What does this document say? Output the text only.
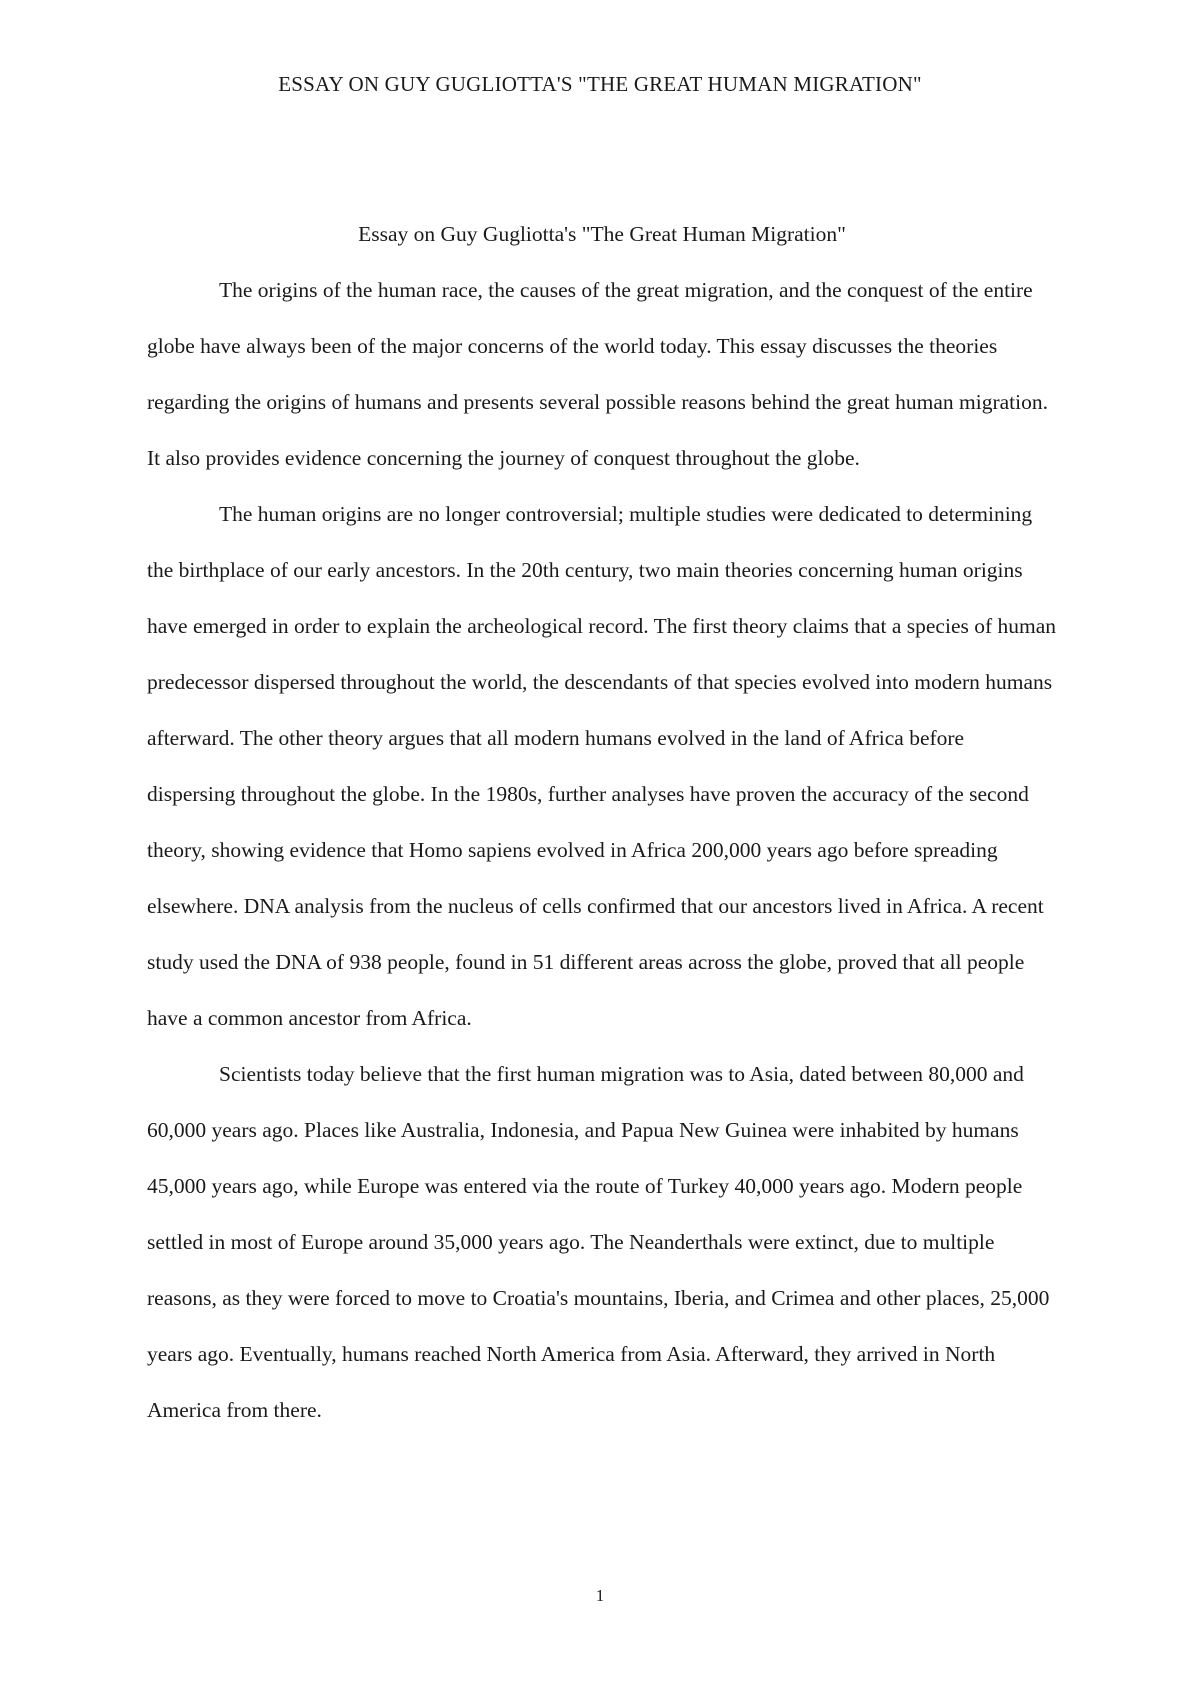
ESSAY ON GUY GUGLIOTTA'S "THE GREAT HUMAN MIGRATION"

Essay on Guy Gugliotta's "The Great Human Migration"

The origins of the human race, the causes of the great migration, and the conquest of the entire globe have always been of the major concerns of the world today. This essay discusses the theories regarding the origins of humans and presents several possible reasons behind the great human migration. It also provides evidence concerning the journey of conquest throughout the globe.

The human origins are no longer controversial; multiple studies were dedicated to determining the birthplace of our early ancestors. In the 20th century, two main theories concerning human origins have emerged in order to explain the archeological record. The first theory claims that a species of human predecessor dispersed throughout the world, the descendants of that species evolved into modern humans afterward. The other theory argues that all modern humans evolved in the land of Africa before dispersing throughout the globe. In the 1980s, further analyses have proven the accuracy of the second theory, showing evidence that Homo sapiens evolved in Africa 200,000 years ago before spreading elsewhere. DNA analysis from the nucleus of cells confirmed that our ancestors lived in Africa. A recent study used the DNA of 938 people, found in 51 different areas across the globe, proved that all people have a common ancestor from Africa.

Scientists today believe that the first human migration was to Asia, dated between 80,000 and 60,000 years ago. Places like Australia, Indonesia, and Papua New Guinea were inhabited by humans 45,000 years ago, while Europe was entered via the route of Turkey 40,000 years ago. Modern people settled in most of Europe around 35,000 years ago. The Neanderthals were extinct, due to multiple reasons, as they were forced to move to Croatia's mountains, Iberia, and Crimea and other places, 25,000 years ago. Eventually, humans reached North America from Asia. Afterward, they arrived in North America from there.

1
